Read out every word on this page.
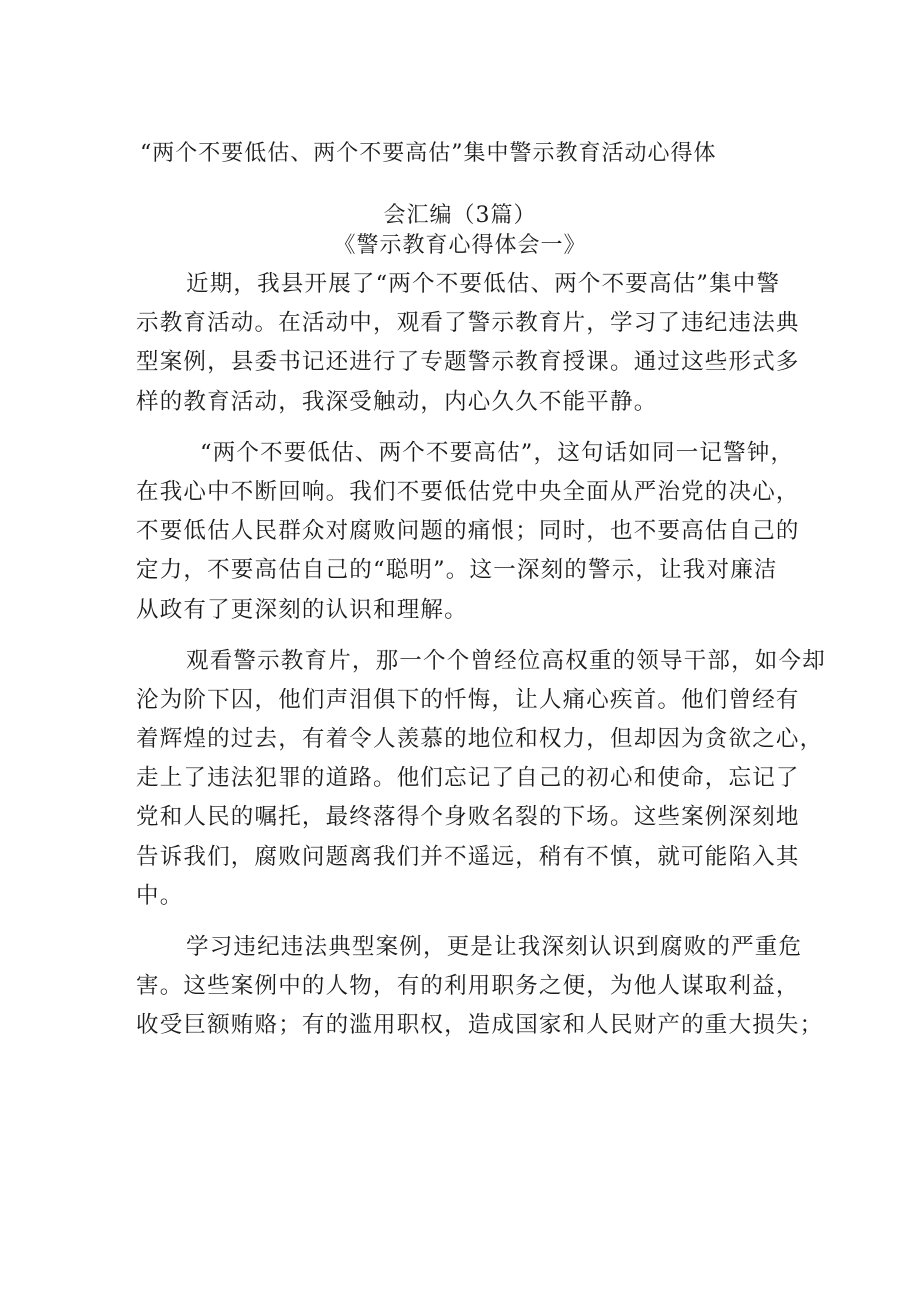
“两个不要低估、两个不要高估”集中警示教育活动心得体
会汇编（3篇）
《警示教育心得体会一》
近期，我县开展了“两个不要低估、两个不要高估”集中警
示教育活动。在活动中，观看了警示教育片，学习了违纪违法典
型案例，县委书记还进行了专题警示教育授课。通过这些形式多
样的教育活动，我深受触动，内心久久不能平静。
“两个不要低估、两个不要高估”，这句话如同一记警钟，
在我心中不断回响。我们不要低估党中央全面从严治党的决心，
不要低估人民群众对腐败问题的痛恨；同时，也不要高估自己的
定力，不要高估自己的“聪明”。这一深刻的警示，让我对廉洁
从政有了更深刻的认识和理解。
观看警示教育片，那一个个曾经位高权重的领导干部，如今却
沦为阶下囚，他们声泪俱下的忏悔，让人痛心疾首。他们曾经有
着辉煌的过去，有着令人羡慕的地位和权力，但却因为贪欲之心，
走上了违法犯罪的道路。他们忘记了自己的初心和使命，忘记了
党和人民的嘱托，最终落得个身败名裂的下场。这些案例深刻地
告诉我们，腐败问题离我们并不遥远，稍有不慎，就可能陷入其
中。
学习违纪违法典型案例，更是让我深刻认识到腐败的严重危
害。这些案例中的人物，有的利用职务之便，为他人谋取利益，
收受巨额贿赂；有的滥用职权，造成国家和人民财产的重大损失；
